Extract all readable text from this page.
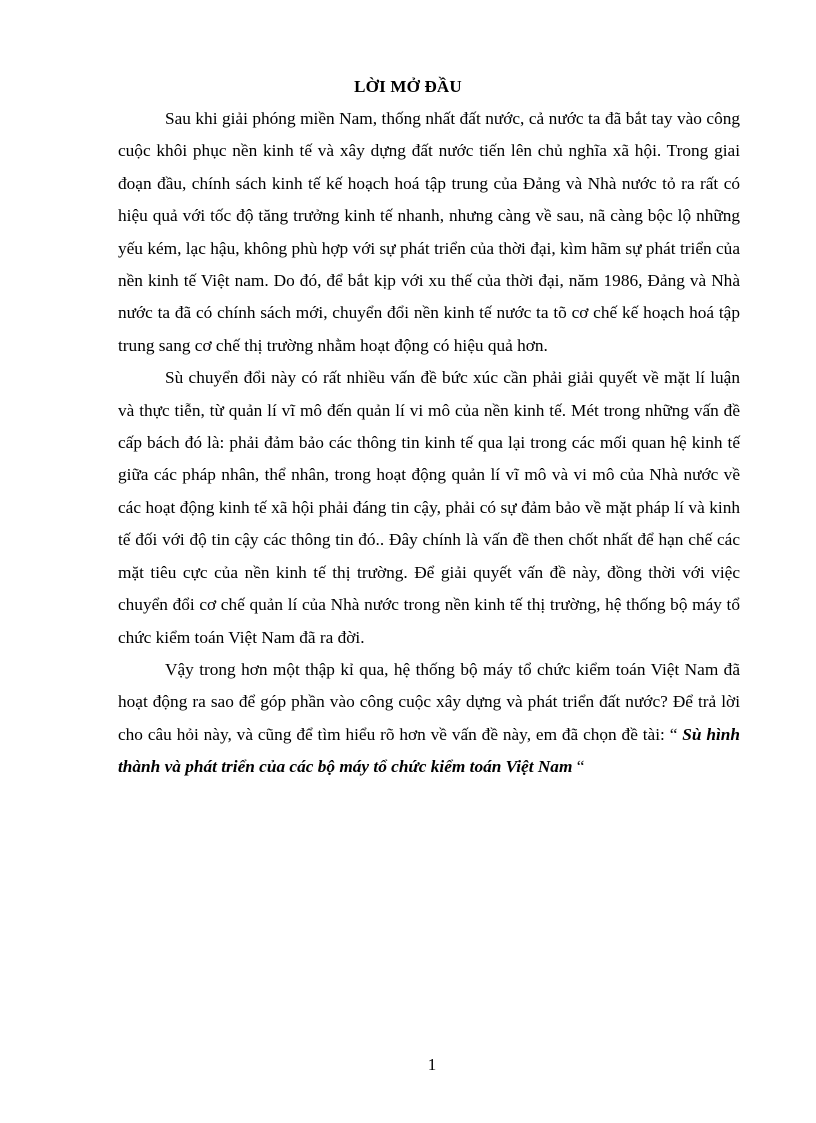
LỜI MỞ ĐẦU

Sau khi giải phóng miền Nam, thống nhất đất nước, cả nước ta đã bắt tay vào công cuộc khôi phục nền kinh tế và xây dựng đất nước tiến lên chủ nghĩa xã hội. Trong giai đoạn đầu, chính sách kinh tế kế hoạch hoá tập trung của Đảng và Nhà nước tỏ ra rất có hiệu quả với tốc độ tăng trưởng kinh tế nhanh, nhưng càng về sau, nã càng bộc lộ những yếu kém, lạc hậu, không phù hợp với sự phát triển của thời đại, kìm hãm sự phát triển của nền kinh tế Việt nam. Do đó, để bắt kịp với xu thế của thời đại, năm 1986, Đảng và Nhà nước ta đã có chính sách mới, chuyển đổi nền kinh tế nước ta tõ cơ chế kế hoạch hoá tập trung sang cơ chế thị trường nhằm hoạt động có hiệu quả hơn.

Sù chuyển đổi này có rất nhiều vấn đề bức xúc cần phải giải quyết về mặt lí luận và thực tiễn, từ quản lí vĩ mô đến quản lí vi mô của nền kinh tế. Mét trong những vấn đề cấp bách đó là: phải đảm bảo các thông tin kinh tế qua lại trong các mối quan hệ kinh tế giữa các pháp nhân, thể nhân, trong hoạt động quản lí vĩ mô và vi mô của Nhà nước về các hoạt động kinh tế xã hội phải đáng tin cậy, phải có sự đảm bảo về mặt pháp lí và kinh tế đối với độ tin cậy các thông tin đó.. Đây chính là vấn đề then chốt nhất để hạn chế các mặt tiêu cực của nền kinh tế thị trường. Để giải quyết vấn đề này, đồng thời với việc chuyển đổi cơ chế quản lí của Nhà nước trong nền kinh tế thị trường, hệ thống bộ máy tổ chức kiểm toán Việt Nam đã ra đời.

Vậy trong hơn một thập kỉ qua, hệ thống bộ máy tổ chức kiểm toán Việt Nam đã hoạt động ra sao để góp phần vào công cuộc xây dựng và phát triển đất nước? Để trả lời cho câu hỏi này, và cũng để tìm hiểu rõ hơn về vấn đề này, em đã chọn đề tài: “ Sù hình thành và phát triển của các bộ máy tổ chức kiểm toán Việt Nam “

1
